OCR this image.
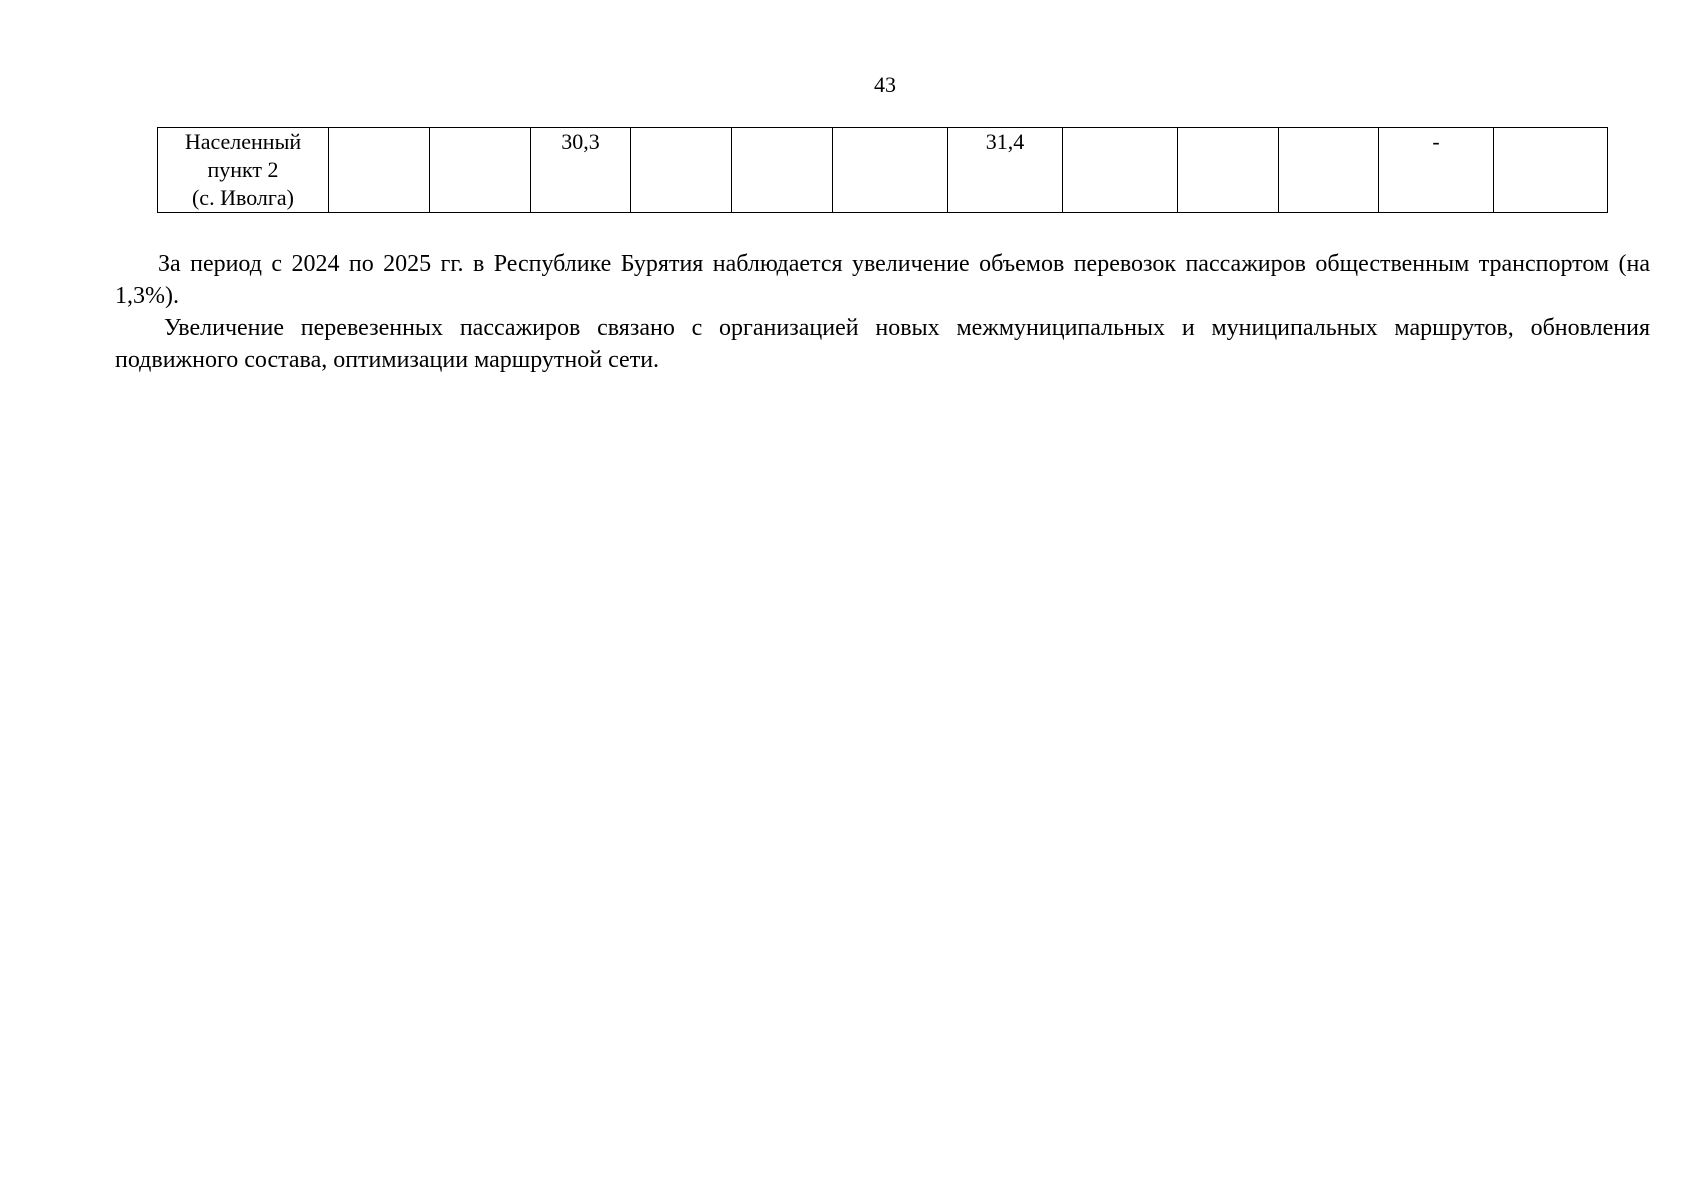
43
Населенный
пункт 2
(с. Иволга)			30,3				31,4				-	

За период с 2024 по 2025 гг. в Республике Бурятия наблюдается увеличение объемов перевозок пассажиров общественным транспортом (на 1,3%).

Увеличение перевезенных пассажиров связано с организацией новых межмуниципальных и муниципальных маршрутов, обновления подвижного состава, оптимизации маршрутной сети.
